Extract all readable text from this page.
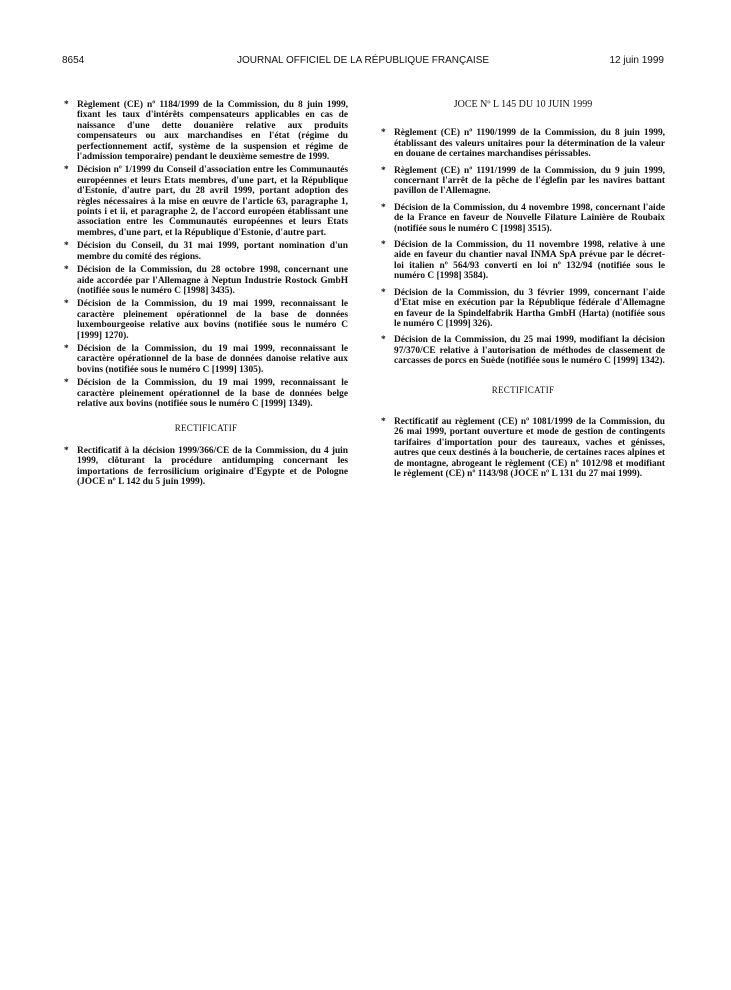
8654	JOURNAL OFFICIEL DE LA RÉPUBLIQUE FRANÇAISE	12 juin 1999
* Règlement (CE) nº 1184/1999 de la Commission, du 8 juin 1999, fixant les taux d'intérêts compensateurs applicables en cas de naissance d'une dette douanière relative aux produits compensateurs ou aux marchandises en l'état (régime du perfectionnement actif, système de la suspension et régime de l'admission temporaire) pendant le deuxième semestre de 1999.
* Décision nº 1/1999 du Conseil d'association entre les Communautés européennes et leurs Etats membres, d'une part, et la République d'Estonie, d'autre part, du 28 avril 1999, portant adoption des règles nécessaires à la mise en œuvre de l'article 63, paragraphe 1, points i et ii, et paragraphe 2, de l'accord européen établissant une association entre les Communautés européennes et leurs Etats membres, d'une part, et la République d'Estonie, d'autre part.
* Décision du Conseil, du 31 mai 1999, portant nomination d'un membre du comité des régions.
* Décision de la Commission, du 28 octobre 1998, concernant une aide accordée par l'Allemagne à Neptun Industrie Rostock GmbH (notifiée sous le numéro C [1998] 3435).
* Décision de la Commission, du 19 mai 1999, reconnaissant le caractère pleinement opérationnel de la base de données luxembourgeoise relative aux bovins (notifiée sous le numéro C [1999] 1270).
* Décision de la Commission, du 19 mai 1999, reconnaissant le caractère opérationnel de la base de données danoise relative aux bovins (notifiée sous le numéro C [1999] 1305).
* Décision de la Commission, du 19 mai 1999, reconnaissant le caractère pleinement opérationnel de la base de données belge relative aux bovins (notifiée sous le numéro C [1999] 1349).
RECTIFICATIF
* Rectificatif à la décision 1999/366/CE de la Commission, du 4 juin 1999, clôturant la procédure antidumping concernant les importations de ferrosilicium originaire d'Egypte et de Pologne (JOCE nº L 142 du 5 juin 1999).
JOCE Nº L 145 DU 10 JUIN 1999
* Règlement (CE) nº 1190/1999 de la Commission, du 8 juin 1999, établissant des valeurs unitaires pour la détermination de la valeur en douane de certaines marchandises périssables.
* Règlement (CE) nº 1191/1999 de la Commission, du 9 juin 1999, concernant l'arrêt de la pêche de l'églefin par les navires battant pavillon de l'Allemagne.
* Décision de la Commission, du 4 novembre 1998, concernant l'aide de la France en faveur de Nouvelle Filature Lainière de Roubaix (notifiée sous le numéro C [1998] 3515).
* Décision de la Commission, du 11 novembre 1998, relative à une aide en faveur du chantier naval INMA SpA prévue par le décret-loi italien nº 564/93 converti en loi nº 132/94 (notifiée sous le numéro C [1998] 3584).
* Décision de la Commission, du 3 février 1999, concernant l'aide d'Etat mise en exécution par la République fédérale d'Allemagne en faveur de la Spindelfabrik Hartha GmbH (Harta) (notifiée sous le numéro C [1999] 326).
* Décision de la Commission, du 25 mai 1999, modifiant la décision 97/370/CE relative à l'autorisation de méthodes de classement de carcasses de porcs en Suède (notifiée sous le numéro C [1999] 1342).
RECTIFICATIF
* Rectificatif au règlement (CE) nº 1081/1999 de la Commission, du 26 mai 1999, portant ouverture et mode de gestion de contingents tarifaires d'importation pour des taureaux, vaches et génisses, autres que ceux destinés à la boucherie, de certaines races alpines et de montagne, abrogeant le règlement (CE) nº 1012/98 et modifiant le règlement (CE) nº 1143/98 (JOCE nº L 131 du 27 mai 1999).
